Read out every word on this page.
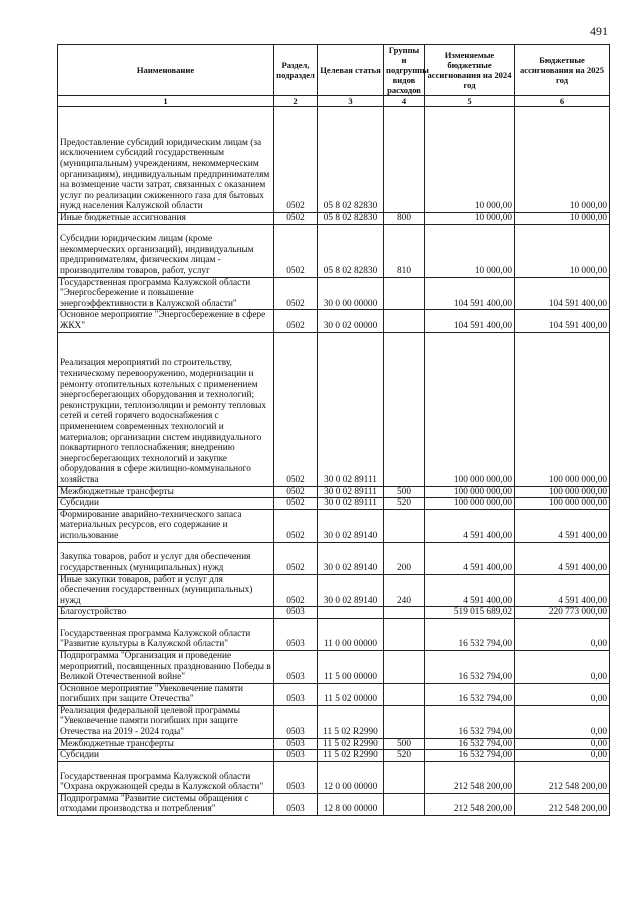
491
Наименование	Раздел, подраздел	Целевая статья	Группы и подгруппы видов расходов	Изменяемые бюджетные ассигнования на 2024 год	Бюджетные ассигнования на 2025 год
1	2	3	4	5	6
Предоставление субсидий юридическим лицам (за исключением субсидий государственным (муниципальным) учреждениям, некоммерческим организациям), индивидуальным предпринимателям на возмещение части затрат, связанных с оказанием услуг по реализации сжиженного газа для бытовых нужд населения Калужской области	0502	05 8 02 82830		10 000,00	10 000,00
Иные бюджетные ассигнования	0502	05 8 02 82830	800	10 000,00	10 000,00
Субсидии юридическим лицам (кроме некоммерческих организаций), индивидуальным предпринимателям, физическим лицам - производителям товаров, работ, услуг	0502	05 8 02 82830	810	10 000,00	10 000,00
Государственная программа Калужской области "Энергосбережение и повышение энергоэффективности в Калужской области"	0502	30 0 00 00000		104 591 400,00	104 591 400,00
Основное мероприятие "Энергосбережение в сфере ЖКХ"	0502	30 0 02 00000		104 591 400,00	104 591 400,00
Реализация мероприятий по строительству, техническому перевооружению, модернизации и ремонту отопительных котельных с применением энергосберегающих оборудования и технологий; реконструкции, теплоизоляции и ремонту тепловых сетей и сетей горячего водоснабжения с применением современных технологий и материалов; организации систем индивидуального поквартирного теплоснабжения; внедрению энергосберегающих технологий и закупке оборудования в сфере жилищно-коммунального хозяйства	0502	30 0 02 89111		100 000 000,00	100 000 000,00
Межбюджетные трансферты	0502	30 0 02 89111	500	100 000 000,00	100 000 000,00
Субсидии	0502	30 0 02 89111	520	100 000 000,00	100 000 000,00
Формирование аварийно-технического запаса материальных ресурсов, его содержание и использование	0502	30 0 02 89140		4 591 400,00	4 591 400,00
Закупка товаров, работ и услуг для обеспечения государственных (муниципальных) нужд	0502	30 0 02 89140	200	4 591 400,00	4 591 400,00
Иные закупки товаров, работ и услуг для обеспечения государственных (муниципальных) нужд	0502	30 0 02 89140	240	4 591 400,00	4 591 400,00
Благоустройство	0503			519 015 689,02	220 773 000,00
Государственная программа Калужской области "Развитие культуры в Калужской области"	0503	11 0 00 00000		16 532 794,00	0,00
Подпрограмма "Организация и проведение мероприятий, посвященных празднованию Победы в Великой Отечественной войне"	0503	11 5 00 00000		16 532 794,00	0,00
Основное мероприятие "Увековечение памяти погибших при защите Отечества"	0503	11 5 02 00000		16 532 794,00	0,00
Реализация федеральной целевой программы "Увековечение памяти погибших при защите Отечества на 2019 - 2024 годы"	0503	11 5 02 R2990		16 532 794,00	0,00
Межбюджетные трансферты	0503	11 5 02 R2990	500	16 532 794,00	0,00
Субсидии	0503	11 5 02 R2990	520	16 532 794,00	0,00
Государственная программа Калужской области "Охрана окружающей среды в Калужской области"	0503	12 0 00 00000		212 548 200,00	212 548 200,00
Подпрограмма "Развитие системы обращения с отходами производства и потребления"	0503	12 8 00 00000		212 548 200,00	212 548 200,00
